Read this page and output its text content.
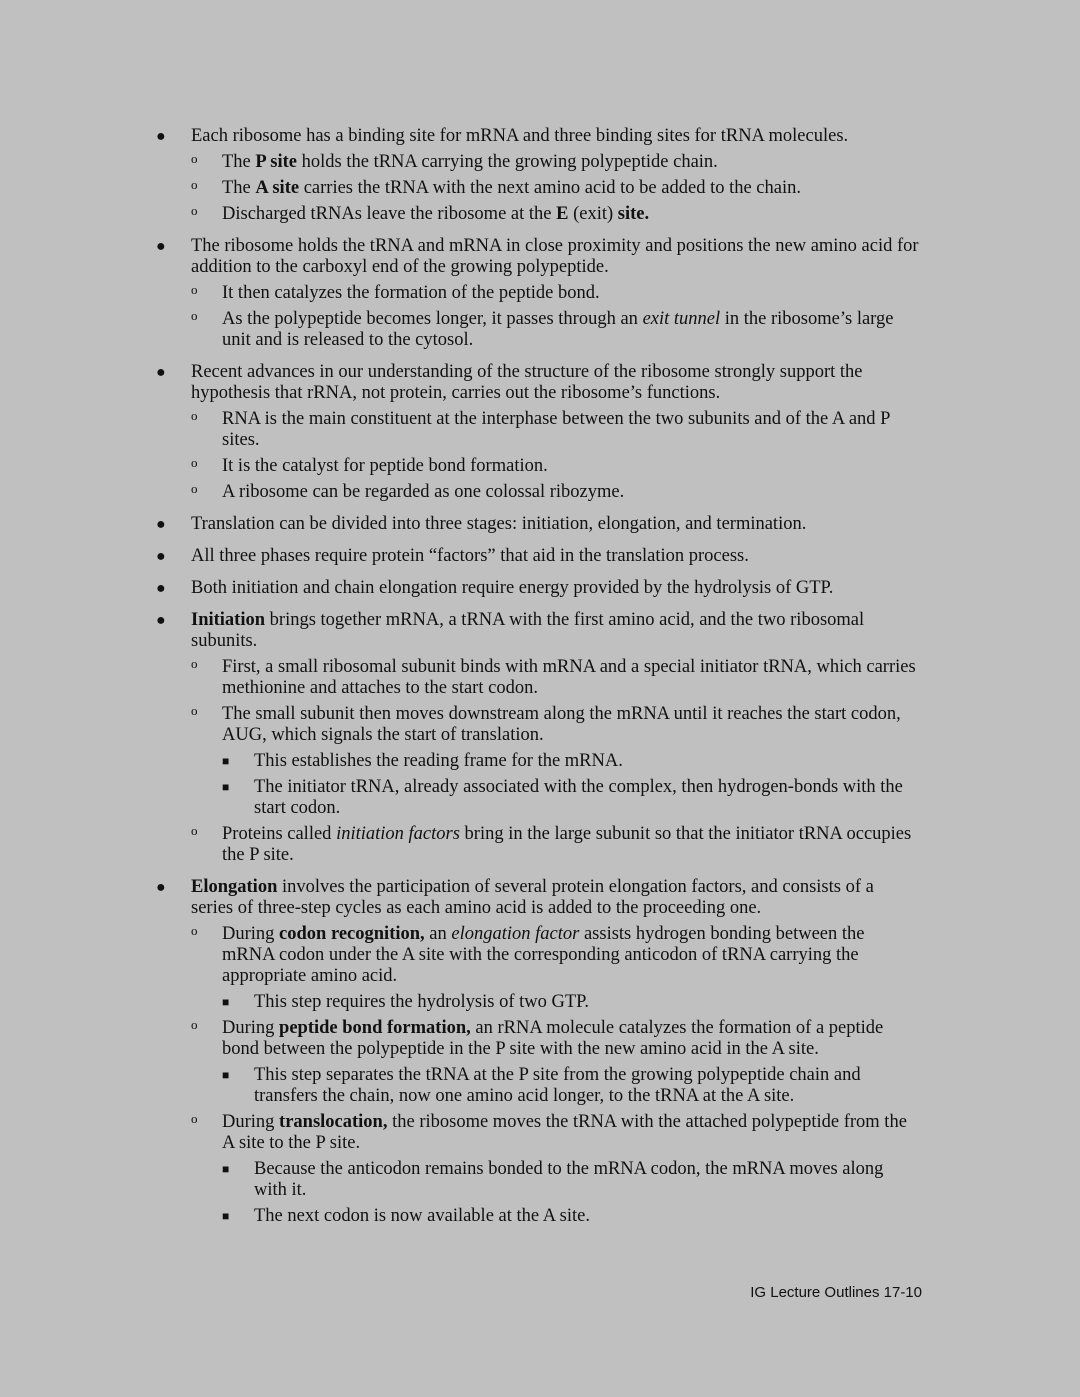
● Each ribosome has a binding site for mRNA and three binding sites for tRNA molecules.
o The P site holds the tRNA carrying the growing polypeptide chain.
o The A site carries the tRNA with the next amino acid to be added to the chain.
o Discharged tRNAs leave the ribosome at the E (exit) site.
● The ribosome holds the tRNA and mRNA in close proximity and positions the new amino acid for addition to the carboxyl end of the growing polypeptide.
o It then catalyzes the formation of the peptide bond.
o As the polypeptide becomes longer, it passes through an exit tunnel in the ribosome’s large unit and is released to the cytosol.
● Recent advances in our understanding of the structure of the ribosome strongly support the hypothesis that rRNA, not protein, carries out the ribosome’s functions.
o RNA is the main constituent at the interphase between the two subunits and of the A and P sites.
o It is the catalyst for peptide bond formation.
o A ribosome can be regarded as one colossal ribozyme.
● Translation can be divided into three stages: initiation, elongation, and termination.
● All three phases require protein “factors” that aid in the translation process.
● Both initiation and chain elongation require energy provided by the hydrolysis of GTP.
● Initiation brings together mRNA, a tRNA with the first amino acid, and the two ribosomal subunits.
o First, a small ribosomal subunit binds with mRNA and a special initiator tRNA, which carries methionine and attaches to the start codon.
o The small subunit then moves downstream along the mRNA until it reaches the start codon, AUG, which signals the start of translation.
■ This establishes the reading frame for the mRNA.
■ The initiator tRNA, already associated with the complex, then hydrogen-bonds with the start codon.
o Proteins called initiation factors bring in the large subunit so that the initiator tRNA occupies the P site.
● Elongation involves the participation of several protein elongation factors, and consists of a series of three-step cycles as each amino acid is added to the proceeding one.
o During codon recognition, an elongation factor assists hydrogen bonding between the mRNA codon under the A site with the corresponding anticodon of tRNA carrying the appropriate amino acid.
■ This step requires the hydrolysis of two GTP.
o During peptide bond formation, an rRNA molecule catalyzes the formation of a peptide bond between the polypeptide in the P site with the new amino acid in the A site.
■ This step separates the tRNA at the P site from the growing polypeptide chain and transfers the chain, now one amino acid longer, to the tRNA at the A site.
o During translocation, the ribosome moves the tRNA with the attached polypeptide from the A site to the P site.
■ Because the anticodon remains bonded to the mRNA codon, the mRNA moves along with it.
■ The next codon is now available at the A site.
IG Lecture Outlines 17-10
